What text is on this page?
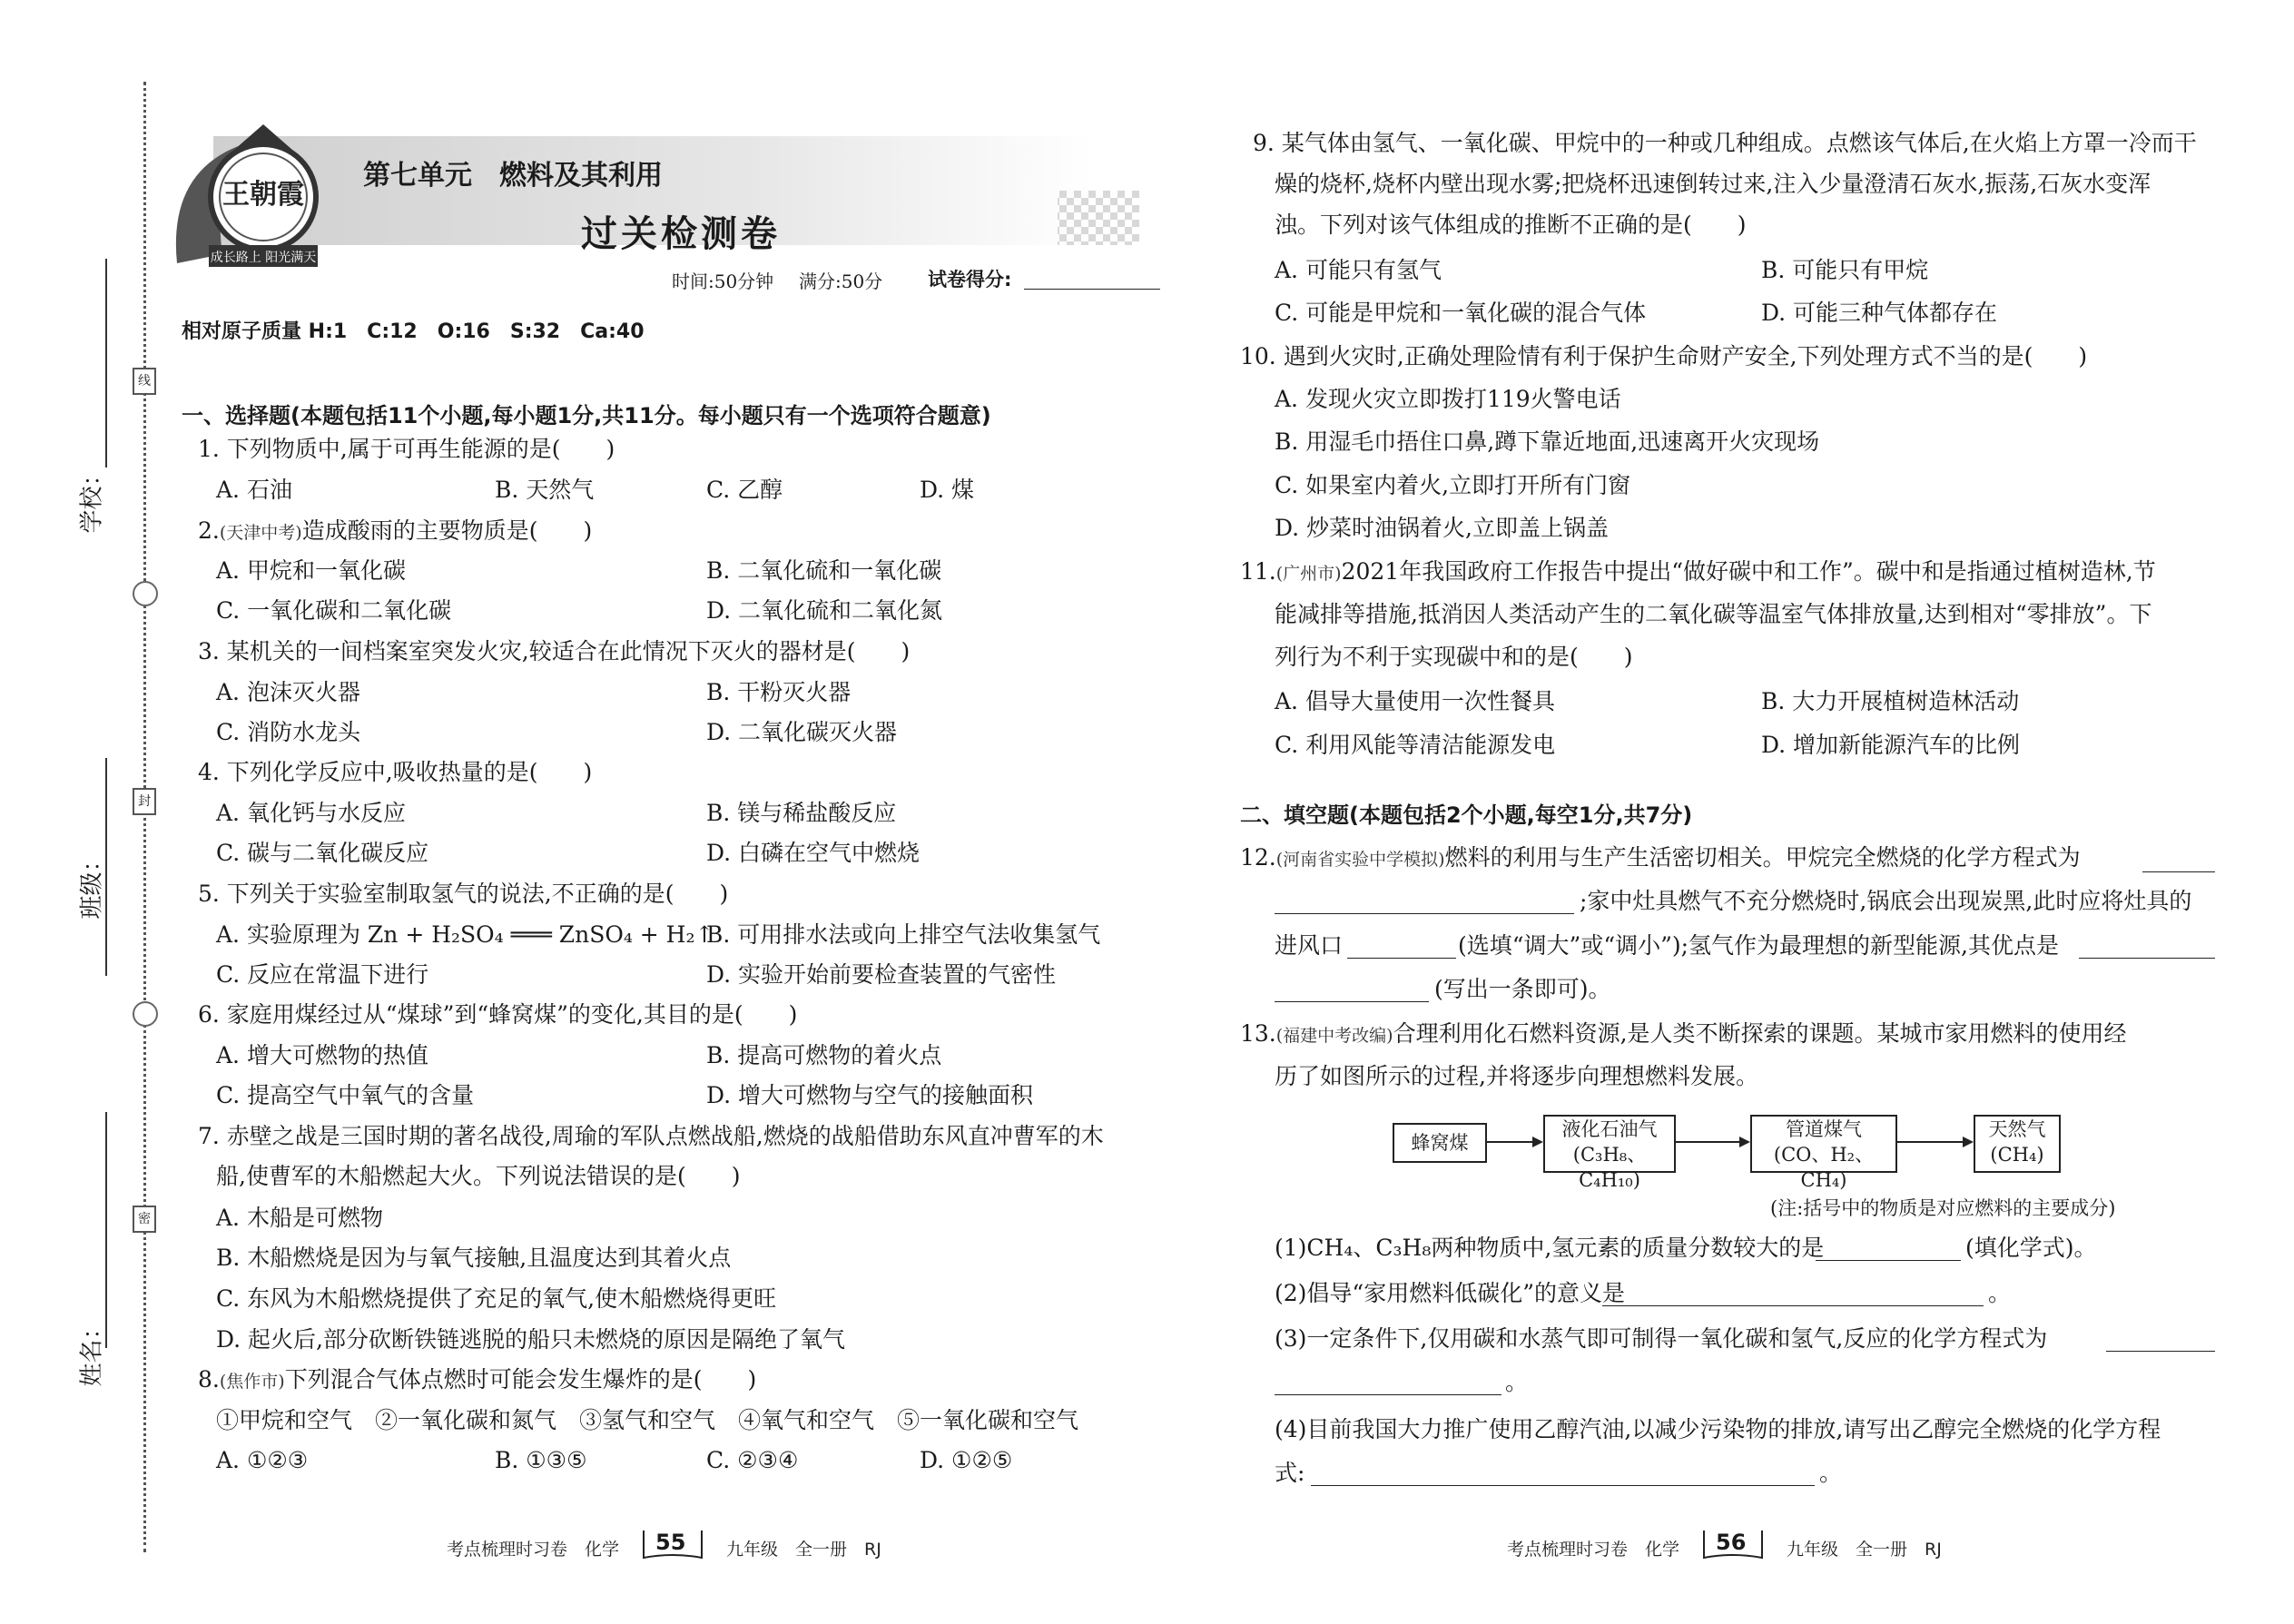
学校：
班级：
姓名：
线
封
密
王朝霞
成长路上 阳光满天
第七单元　燃料及其利用
过关检测卷
时间:50分钟 满分:50分 试卷得分:
相对原子质量 H:1　C:12　O:16　S:32　Ca:40
一、选择题(本题包括11个小题,每小题1分,共11分。每小题只有一个选项符合题意)
1. 下列物质中,属于可再生能源的是(　　)
A. 石油	B. 天然气	C. 乙醇	D. 煤
2.(天津中考)造成酸雨的主要物质是(　　)
A. 甲烷和一氧化碳	B. 二氧化硫和一氧化碳
C. 一氧化碳和二氧化碳	D. 二氧化硫和二氧化氮
3. 某机关的一间档案室突发火灾,较适合在此情况下灭火的器材是(　　)
A. 泡沫灭火器	B. 干粉灭火器
C. 消防水龙头	D. 二氧化碳灭火器
4. 下列化学反应中,吸收热量的是(　　)
A. 氧化钙与水反应	B. 镁与稀盐酸反应
C. 碳与二氧化碳反应	D. 白磷在空气中燃烧
5. 下列关于实验室制取氢气的说法,不正确的是(　　)
A. 实验原理为 Zn + H₂SO₄ ═══ ZnSO₄ + H₂↑
B. 可用排水法或向上排空气法收集氢气
C. 反应在常温下进行	D. 实验开始前要检查装置的气密性
6. 家庭用煤经过从“煤球”到“蜂窝煤”的变化,其目的是(　　)
A. 增大可燃物的热值	B. 提高可燃物的着火点
C. 提高空气中氧气的含量	D. 增大可燃物与空气的接触面积
7. 赤壁之战是三国时期的著名战役,周瑜的军队点燃战船,燃烧的战船借助东风直冲曹军的木
船,使曹军的木船燃起大火。下列说法错误的是(　　)
A. 木船是可燃物
B. 木船燃烧是因为与氧气接触,且温度达到其着火点
C. 东风为木船燃烧提供了充足的氧气,使木船燃烧得更旺
D. 起火后,部分砍断铁链逃脱的船只未燃烧的原因是隔绝了氧气
8.(焦作市)下列混合气体点燃时可能会发生爆炸的是(　　)
①甲烷和空气　②一氧化碳和氮气　③氢气和空气　④氧气和空气　⑤一氧化碳和空气
A. ①②③	B. ①③⑤	C. ②③④	D. ①②⑤
考点梳理时习卷　化学 55 九年级　全一册　RJ
9. 某气体由氢气、一氧化碳、甲烷中的一种或几种组成。点燃该气体后,在火焰上方罩一冷而干
燥的烧杯,烧杯内壁出现水雾;把烧杯迅速倒转过来,注入少量澄清石灰水,振荡,石灰水变浑
浊。下列对该气体组成的推断不正确的是(　　)
A. 可能只有氢气	B. 可能只有甲烷
C. 可能是甲烷和一氧化碳的混合气体	D. 可能三种气体都存在
10. 遇到火灾时,正确处理险情有利于保护生命财产安全,下列处理方式不当的是(　　)
A. 发现火灾立即拨打119火警电话
B. 用湿毛巾捂住口鼻,蹲下靠近地面,迅速离开火灾现场
C. 如果室内着火,立即打开所有门窗
D. 炒菜时油锅着火,立即盖上锅盖
11.(广州市)2021年我国政府工作报告中提出“做好碳中和工作”。碳中和是指通过植树造林,节
能减排等措施,抵消因人类活动产生的二氧化碳等温室气体排放量,达到相对“零排放”。下
列行为不利于实现碳中和的是(　　)
A. 倡导大量使用一次性餐具	B. 大力开展植树造林活动
C. 利用风能等清洁能源发电	D. 增加新能源汽车的比例
二、填空题(本题包括2个小题,每空1分,共7分)
12.(河南省实验中学模拟)燃料的利用与生产生活密切相关。甲烷完全燃烧的化学方程式为
;家中灶具燃气不充分燃烧时,锅底会出现炭黑,此时应将灶具的
进风口	(选填“调大”或“调小”);氢气作为最理想的新型能源,其优点是
(写出一条即可)。
13.(福建中考改编)合理利用化石燃料资源,是人类不断探索的课题。某城市家用燃料的使用经
历了如图所示的过程,并将逐步向理想燃料发展。
蜂窝煤
液化石油气
(C₃H₈、C₄H₁₀)
管道煤气
(CO、H₂、CH₄)
天然气
(CH₄)
(注:括号中的物质是对应燃料的主要成分)
(1)CH₄、C₃H₈两种物质中,氢元素的质量分数较大的是	(填化学式)。
(2)倡导“家用燃料低碳化”的意义是	。
(3)一定条件下,仅用碳和水蒸气即可制得一氧化碳和氢气,反应的化学方程式为
。
(4)目前我国大力推广使用乙醇汽油,以减少污染物的排放,请写出乙醇完全燃烧的化学方程
式:	。
考点梳理时习卷　化学 56 九年级　全一册　RJ
